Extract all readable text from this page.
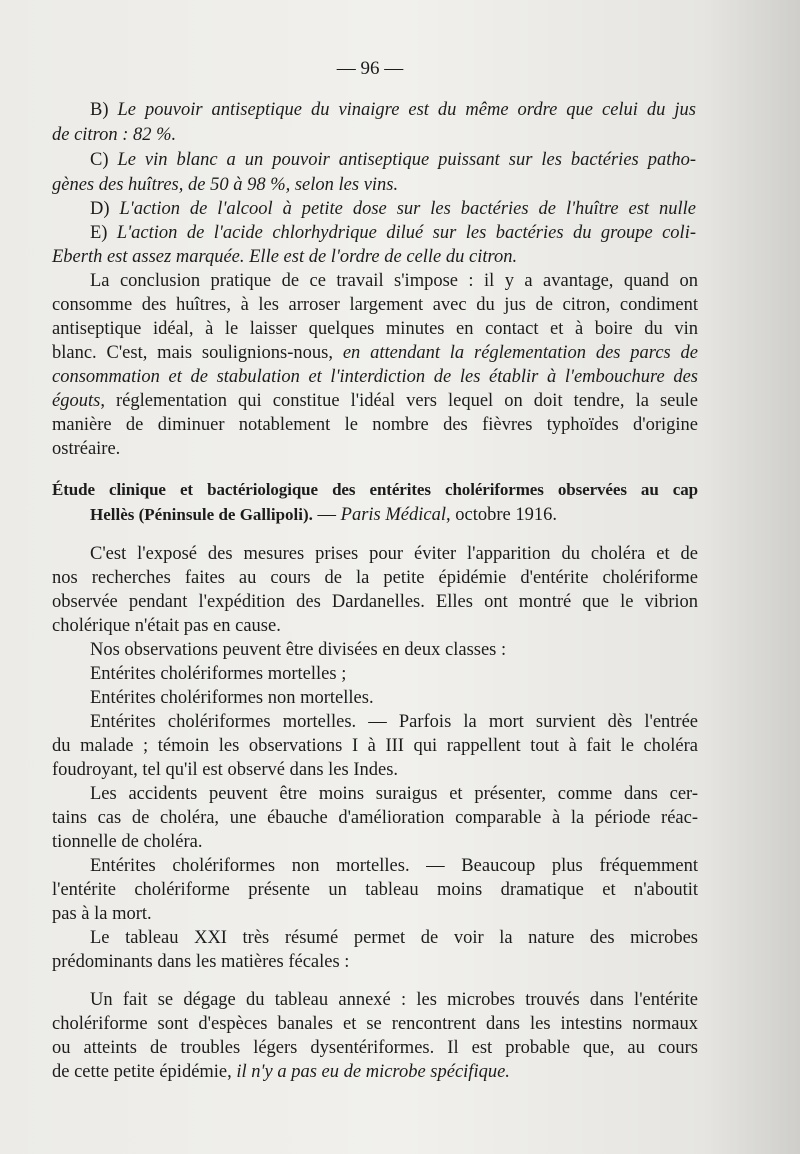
— 96 —
B) Le pouvoir antiseptique du vinaigre est du même ordre que celui du jus
de citron : 82 %.
C) Le vin blanc a un pouvoir antiseptique puissant sur les bactéries patho-
gènes des huîtres, de 50 à 98 %, selon les vins.
D) L'action de l'alcool à petite dose sur les bactéries de l'huître est nulle
E) L'action de l'acide chlorhydrique dilué sur les bactéries du groupe coli-
Eberth est assez marquée. Elle est de l'ordre de celle du citron.
La conclusion pratique de ce travail s'impose : il y a avantage, quand on
consomme des huîtres, à les arroser largement avec du jus de citron, condiment
antiseptique idéal, à le laisser quelques minutes en contact et à boire du vin
blanc. C'est, mais soulignions-nous, en attendant la réglementation des parcs de
consommation et de stabulation et l'interdiction de les établir à l'embouchure des
égouts, réglementation qui constitue l'idéal vers lequel on doit tendre, la seule
manière de diminuer notablement le nombre des fièvres typhoïdes d'origine
ostréaire.
Étude clinique et bactériologique des entérites cholériformes observées au cap
Hellès (Péninsule de Gallipoli). — Paris Médical, octobre 1916.
C'est l'exposé des mesures prises pour éviter l'apparition du choléra et de
nos recherches faites au cours de la petite épidémie d'entérite cholériforme
observée pendant l'expédition des Dardanelles. Elles ont montré que le vibrion
cholérique n'était pas en cause.
Nos observations peuvent être divisées en deux classes :
Entérites cholériformes mortelles ;
Entérites cholériformes non mortelles.
Entérites cholériformes mortelles. — Parfois la mort survient dès l'entrée
du malade ; témoin les observations I à III qui rappellent tout à fait le choléra
foudroyant, tel qu'il est observé dans les Indes.
Les accidents peuvent être moins suraigus et présenter, comme dans cer-
tains cas de choléra, une ébauche d'amélioration comparable à la période réac-
tionnelle de choléra.
Entérites cholériformes non mortelles. — Beaucoup plus fréquemment
l'entérite cholériforme présente un tableau moins dramatique et n'aboutit
pas à la mort.
Le tableau XXI très résumé permet de voir la nature des microbes
prédominants dans les matières fécales :
Un fait se dégage du tableau annexé : les microbes trouvés dans l'entérite
cholériforme sont d'espèces banales et se rencontrent dans les intestins normaux
ou atteints de troubles légers dysentériformes. Il est probable que, au cours
de cette petite épidémie, il n'y a pas eu de microbe spécifique.
